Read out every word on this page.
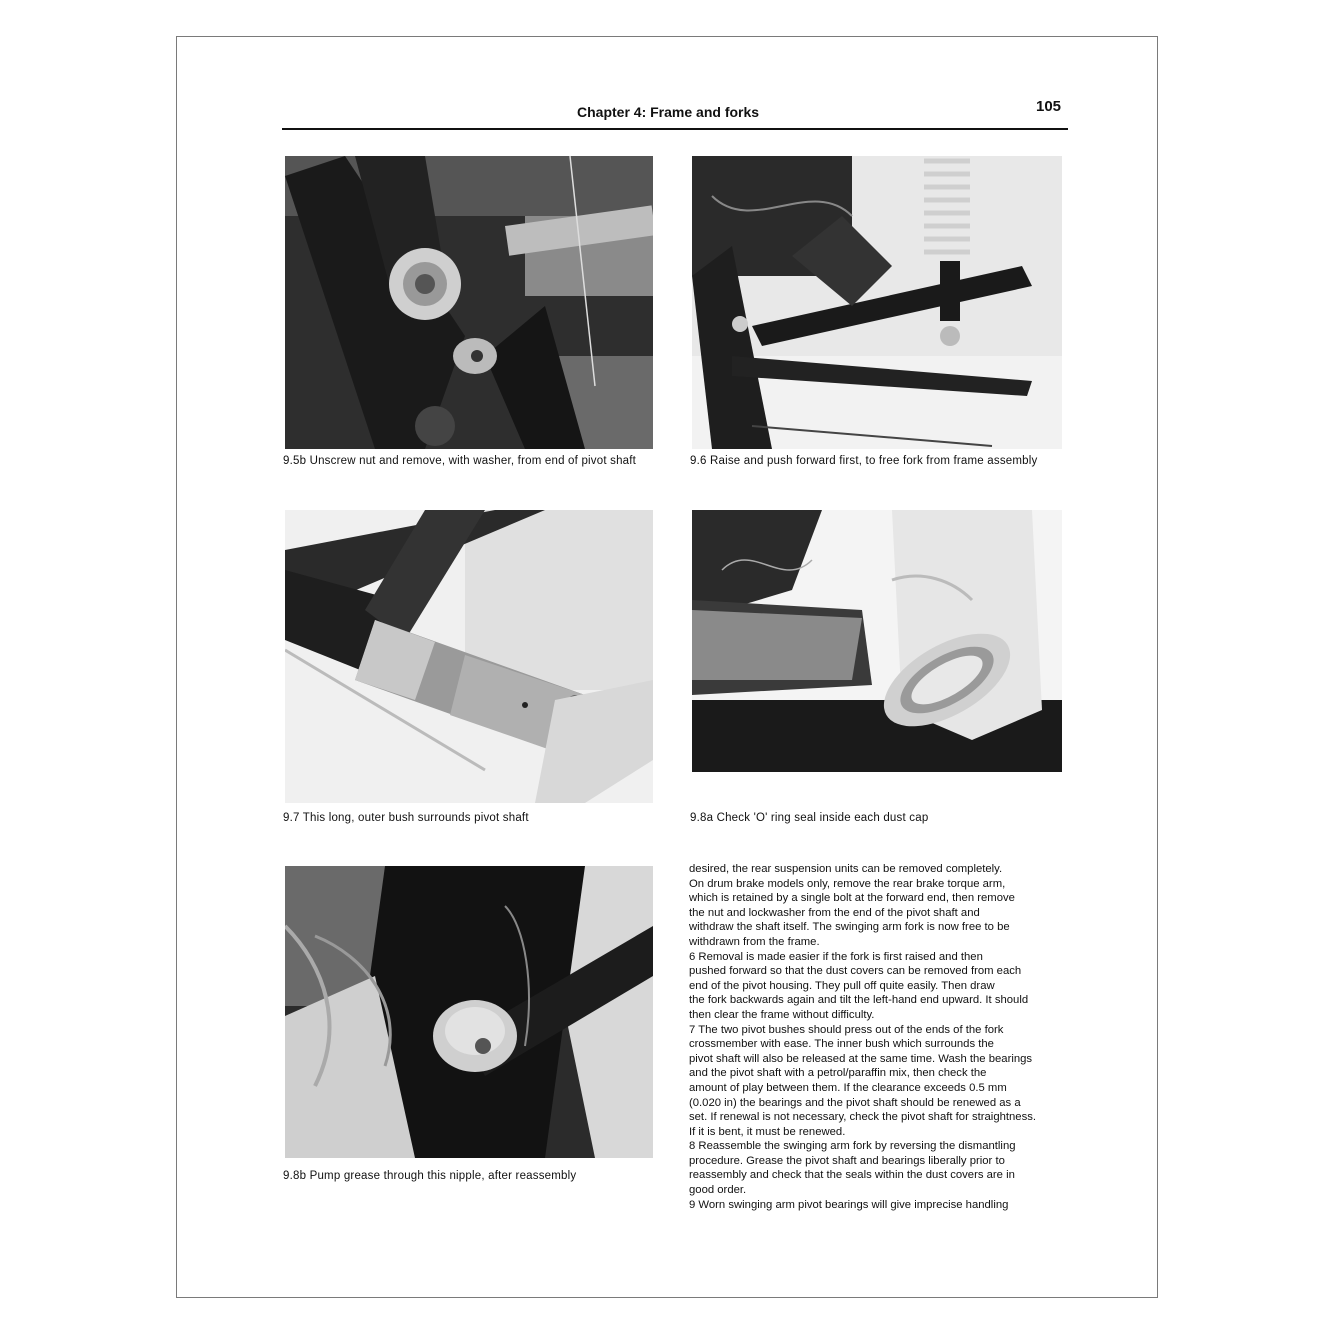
Chapter 4: Frame and forks	105
9.5b Unscrew nut and remove, with washer, from end of pivot shaft	9.6 Raise and push forward first, to free fork from frame assembly
9.7 This long, outer bush surrounds pivot shaft	9.8a Check 'O' ring seal inside each dust cap
9.8b Pump grease through this nipple, after reassembly
desired, the rear suspension units can be removed completely.
On drum brake models only, remove the rear brake torque arm,
which is retained by a single bolt at the forward end, then remove
the nut and lockwasher from the end of the pivot shaft and
withdraw the shaft itself. The swinging arm fork is now free to be
withdrawn from the frame.
6 Removal is made easier if the fork is first raised and then
pushed forward so that the dust covers can be removed from each
end of the pivot housing. They pull off quite easily. Then draw
the fork backwards again and tilt the left-hand end upward. It should
then clear the frame without difficulty.
7 The two pivot bushes should press out of the ends of the fork
crossmember with ease. The inner bush which surrounds the
pivot shaft will also be released at the same time. Wash the bearings
and the pivot shaft with a petrol/paraffin mix, then check the
amount of play between them. If the clearance exceeds 0.5 mm
(0.020 in) the bearings and the pivot shaft should be renewed as a
set. If renewal is not necessary, check the pivot shaft for straightness.
If it is bent, it must be renewed.
8 Reassemble the swinging arm fork by reversing the dismantling
procedure. Grease the pivot shaft and bearings liberally prior to
reassembly and check that the seals within the dust covers are in
good order.
9 Worn swinging arm pivot bearings will give imprecise handling
